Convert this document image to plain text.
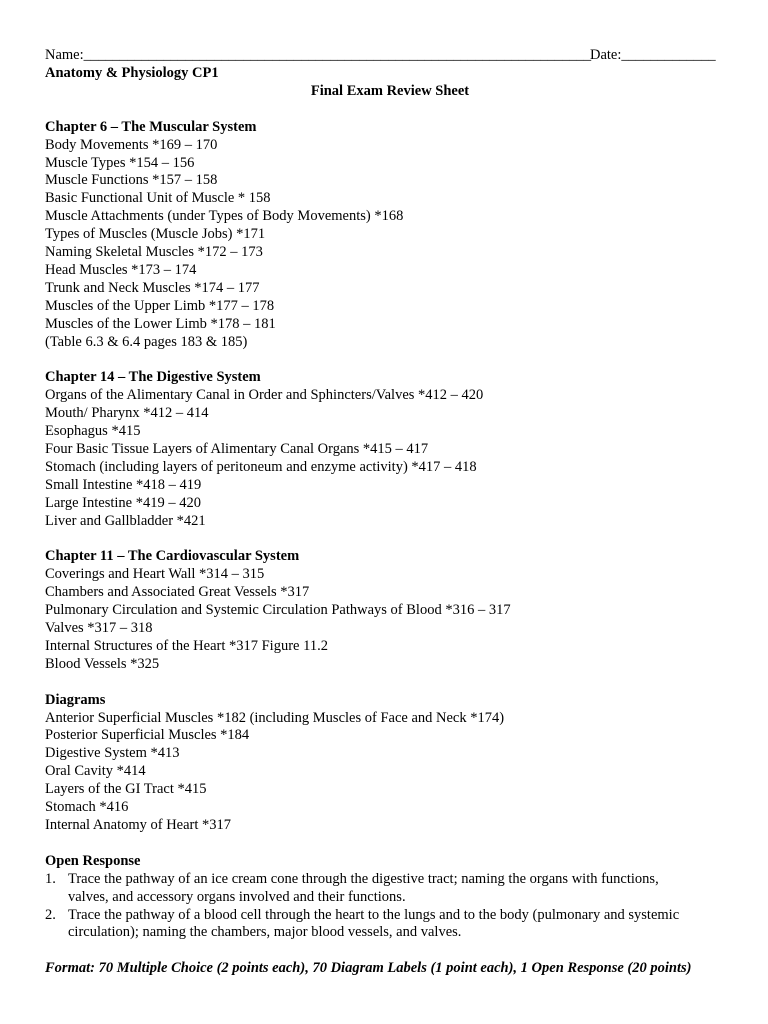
Name:______________________________________________________________________
Date:_____________
Anatomy & Physiology CP1
Final Exam Review Sheet
Chapter 6 – The Muscular System
Body Movements *169 – 170
Muscle Types *154 – 156
Muscle Functions *157 – 158
Basic Functional Unit of Muscle * 158
Muscle Attachments (under Types of Body Movements) *168
Types of Muscles (Muscle Jobs) *171
Naming Skeletal Muscles *172 – 173
Head Muscles *173 – 174
Trunk and Neck Muscles *174 – 177
Muscles of the Upper Limb *177 – 178
Muscles of the Lower Limb *178 – 181
(Table 6.3 & 6.4 pages 183 & 185)
Chapter 14 – The Digestive System
Organs of the Alimentary Canal in Order and Sphincters/Valves *412 – 420
Mouth/ Pharynx *412 – 414
Esophagus *415
Four Basic Tissue Layers of Alimentary Canal Organs *415 – 417
Stomach (including layers of peritoneum and enzyme activity) *417 – 418
Small Intestine *418 – 419
Large Intestine *419 – 420
Liver and Gallbladder *421
Chapter 11 – The Cardiovascular System
Coverings and Heart Wall *314 – 315
Chambers and Associated Great Vessels *317
Pulmonary Circulation and Systemic Circulation Pathways of Blood *316 – 317
Valves *317 – 318
Internal Structures of the Heart *317 Figure 11.2
Blood Vessels *325
Diagrams
Anterior Superficial Muscles *182 (including Muscles of Face and Neck *174)
Posterior Superficial Muscles *184
Digestive System *413
Oral Cavity *414
Layers of the GI Tract *415
Stomach *416
Internal Anatomy of Heart *317
Open Response
1. Trace the pathway of an ice cream cone through the digestive tract; naming the organs with functions,
valves, and accessory organs involved and their functions.
2. Trace the pathway of a blood cell through the heart to the lungs and to the body (pulmonary and systemic
circulation); naming the chambers, major blood vessels, and valves.
Format: 70 Multiple Choice (2 points each), 70 Diagram Labels (1 point each), 1 Open Response (20 points)
